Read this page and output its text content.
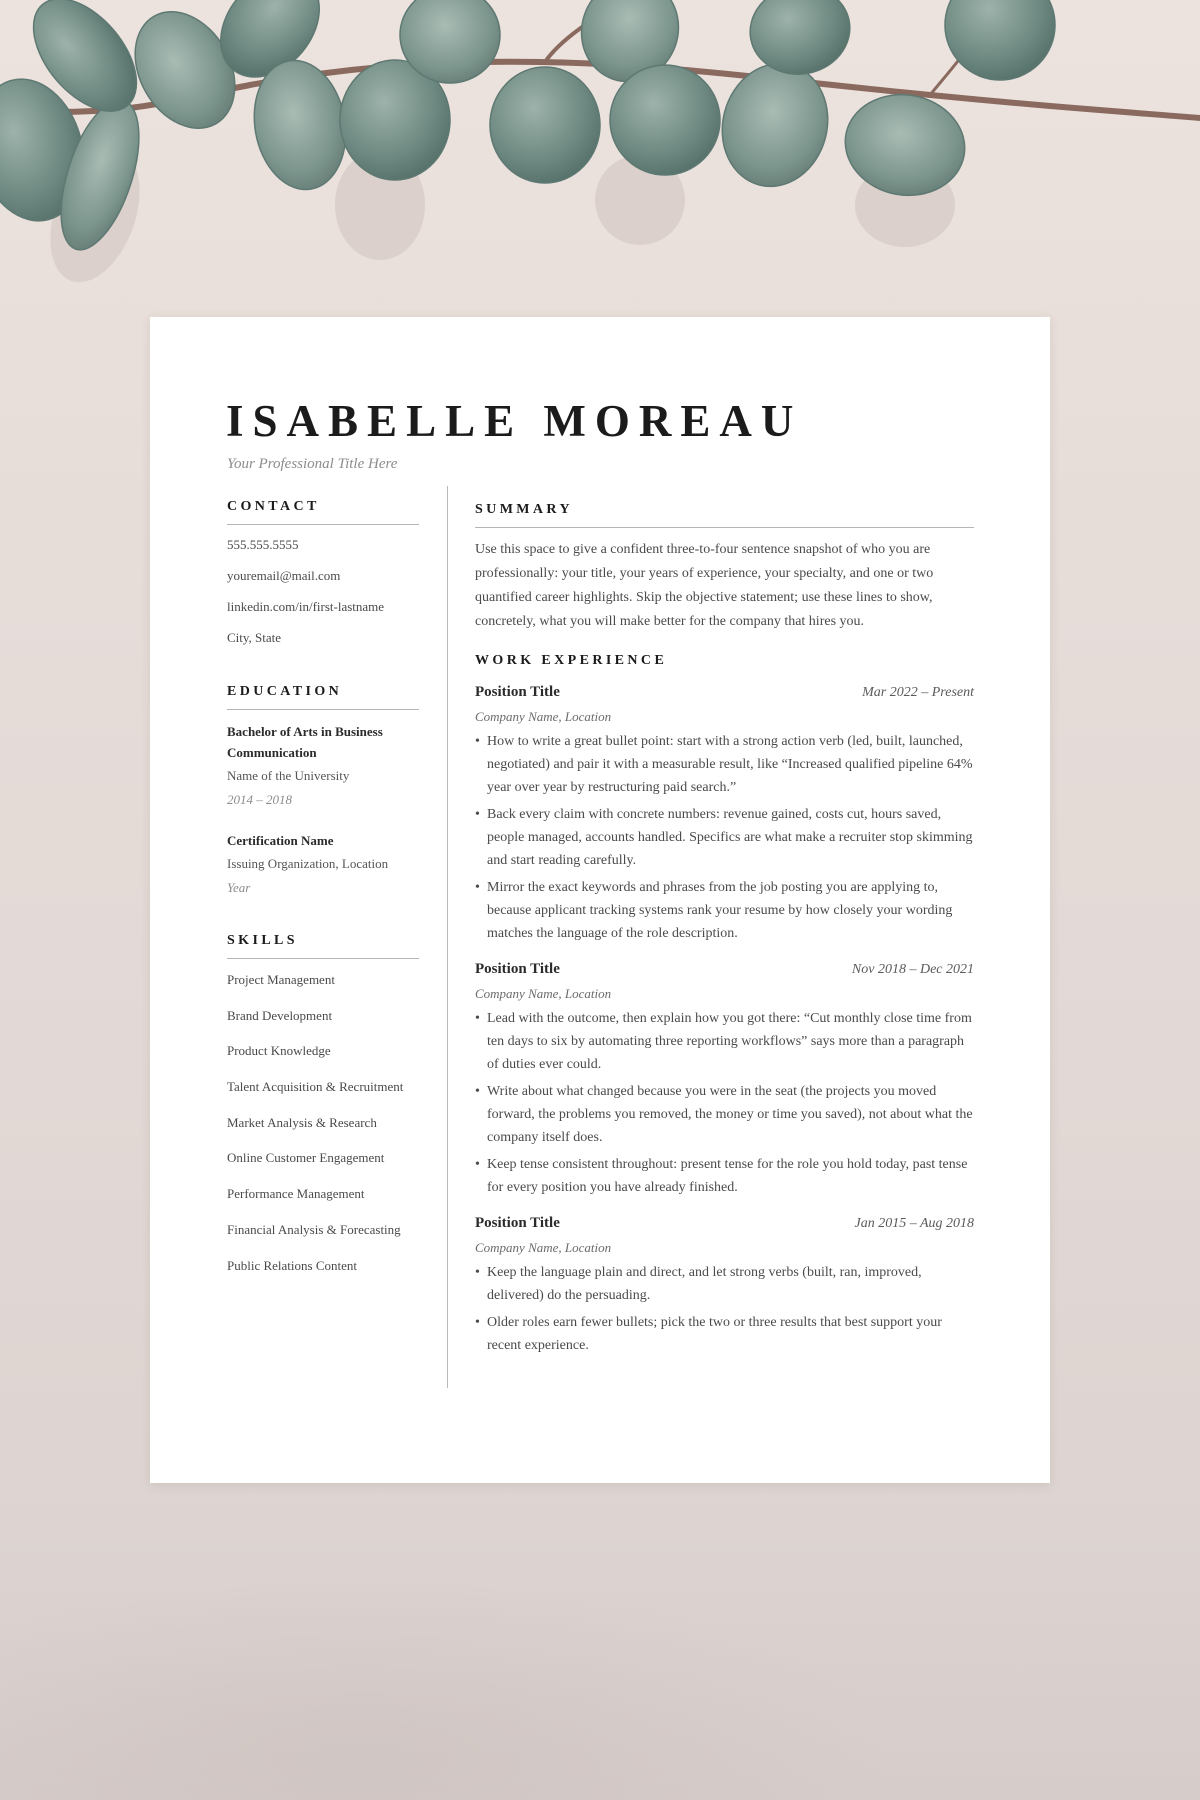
ISABELLE MOREAU
Your Professional Title Here
CONTACT
555.555.5555
youremail@mail.com
linkedin.com/in/first-lastname
City, State
EDUCATION
Bachelor of Arts in Business Communication
Name of the University
2014 – 2018
Certification Name
Issuing Organization, Location
Year
SKILLS
Project Management
Brand Development
Product Knowledge
Talent Acquisition & Recruitment
Market Analysis & Research
Online Customer Engagement
Performance Management
Financial Analysis & Forecasting
Public Relations Content
SUMMARY

Use this space to give a confident three-to-four sentence snapshot of who you are professionally: your title, your years of experience, your specialty, and one or two quantified career highlights. Skip the objective statement; use these lines to show, concretely, what you will make better for the company that hires you.

WORK EXPERIENCE
Position Title	Mar 2022 – Present
Company Name, Location
• How to write a great bullet point: start with a strong action verb (led, built, launched, negotiated) and pair it with a measurable result, like “Increased qualified pipeline 64% year over year by restructuring paid search.”
• Back every claim with concrete numbers: revenue gained, costs cut, hours saved, people managed, accounts handled. Specifics are what make a recruiter stop skimming and start reading carefully.
• Mirror the exact keywords and phrases from the job posting you are applying to, because applicant tracking systems rank your resume by how closely your wording matches the language of the role description.
Position Title	Nov 2018 – Dec 2021
Company Name, Location
• Lead with the outcome, then explain how you got there: “Cut monthly close time from ten days to six by automating three reporting workflows” says more than a paragraph of duties ever could.
• Write about what changed because you were in the seat (the projects you moved forward, the problems you removed, the money or time you saved), not about what the company itself does.
• Keep tense consistent throughout: present tense for the role you hold today, past tense for every position you have already finished.
Position Title	Jan 2015 – Aug 2018
Company Name, Location
• Keep the language plain and direct, and let strong verbs (built, ran, improved, delivered) do the persuading.
• Older roles earn fewer bullets; pick the two or three results that best support your recent experience.
